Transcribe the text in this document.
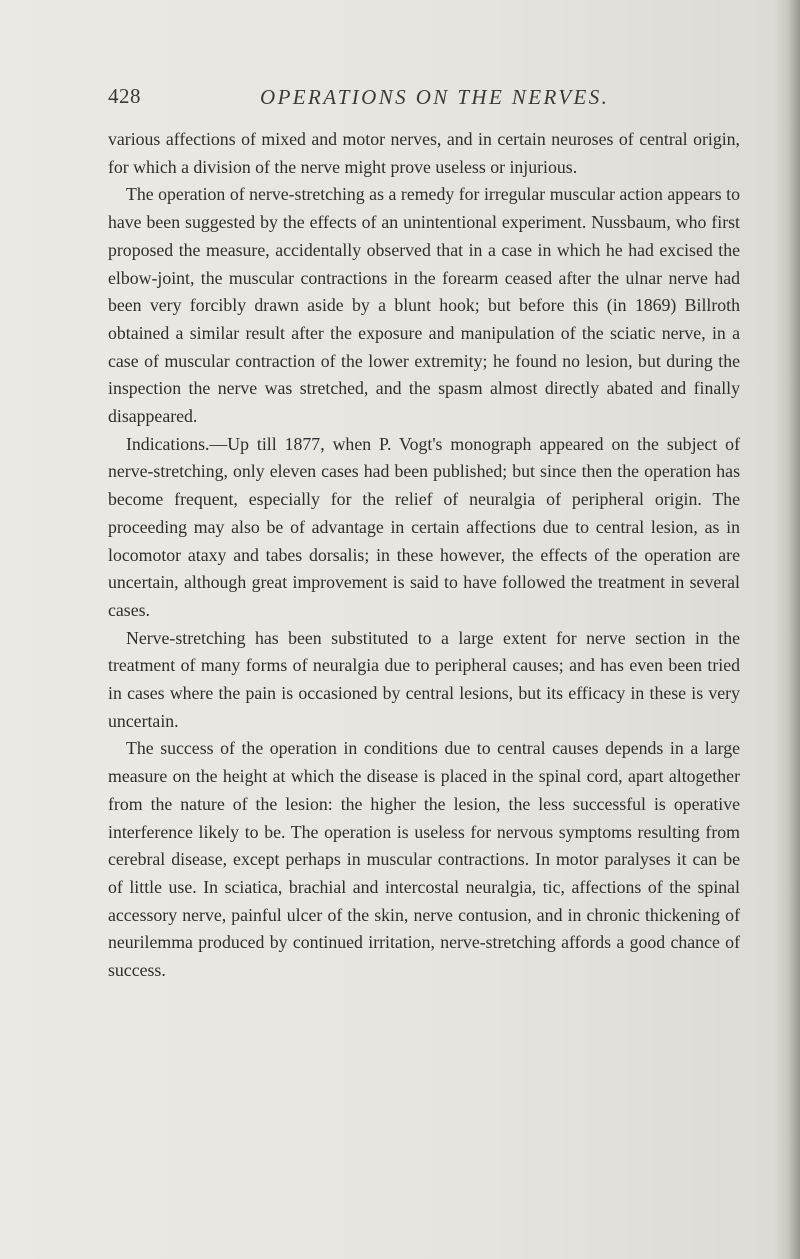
428	OPERATIONS ON THE NERVES.

various affections of mixed and motor nerves, and in certain neuroses of central origin, for which a division of the nerve might prove useless or injurious.

The operation of nerve-stretching as a remedy for irregular muscular action appears to have been suggested by the effects of an unintentional experiment. Nussbaum, who first proposed the measure, accidentally observed that in a case in which he had excised the elbow-joint, the muscular contractions in the forearm ceased after the ulnar nerve had been very forcibly drawn aside by a blunt hook; but before this (in 1869) Billroth obtained a similar result after the exposure and manipulation of the sciatic nerve, in a case of muscular contraction of the lower extremity; he found no lesion, but during the inspection the nerve was stretched, and the spasm almost directly abated and finally disappeared.

Indications.—Up till 1877, when P. Vogt's monograph appeared on the subject of nerve-stretching, only eleven cases had been published; but since then the operation has become frequent, especially for the relief of neuralgia of peripheral origin. The proceeding may also be of advantage in certain affections due to central lesion, as in locomotor ataxy and tabes dorsalis; in these however, the effects of the operation are uncertain, although great improvement is said to have followed the treatment in several cases.

Nerve-stretching has been substituted to a large extent for nerve section in the treatment of many forms of neuralgia due to peripheral causes; and has even been tried in cases where the pain is occasioned by central lesions, but its efficacy in these is very uncertain.

The success of the operation in conditions due to central causes depends in a large measure on the height at which the disease is placed in the spinal cord, apart altogether from the nature of the lesion: the higher the lesion, the less successful is operative interference likely to be. The operation is useless for nervous symptoms resulting from cerebral disease, except perhaps in muscular contractions. In motor paralyses it can be of little use. In sciatica, brachial and intercostal neuralgia, tic, affections of the spinal accessory nerve, painful ulcer of the skin, nerve contusion, and in chronic thickening of neurilemma produced by continued irritation, nerve-stretching affords a good chance of success.
